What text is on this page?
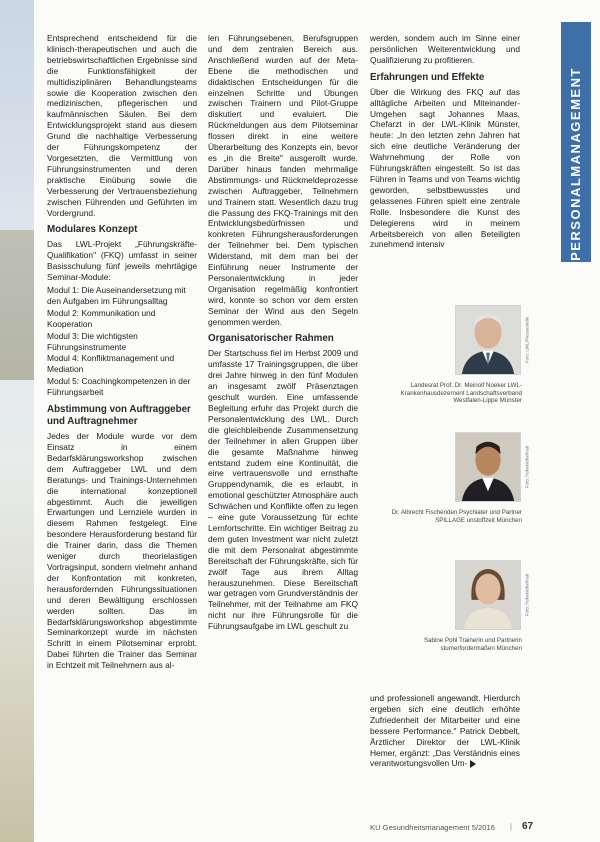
Entsprechend entscheidend für die klinisch-therapeutischen und auch die betriebswirtschaftlichen Ergebnisse sind die Funktionsfähigkeit der multidisziplinären Behandlungsteams sowie die Kooperation zwischen den medizinischen, pflegerischen und kaufmännischen Säulen. Bei dem Entwicklungsprojekt stand aus diesem Grund die nachhaltige Verbesserung der Führungskompetenz der Vorgesetzten, die Vermittlung von Führungsinstrumenten und deren praktische Einübung sowie die Verbesserung der Vertrauensbeziehung zwischen Führenden und Geführten im Vordergrund.

Modulares Konzept

Das LWL-Projekt „Führungskräfte-Qualifikation" (FKQ) umfasst in seiner Basisschulung fünf jeweils mehrtägige Seminar-Module:

Modul 1: Die Auseinandersetzung mit den Aufgaben im Führungsalltag
Modul 2: Kommunikation und Kooperation
Modul 3: Die wichtigsten Führungsinstrumente
Modul 4: Konfliktmanagement und Mediation
Modul 5: Coachingkompetenzen in der Führungsarbeit
Abstimmung von Auftraggeber und Auftragnehmer

Jedes der Module wurde vor dem Einsatz in einem Bedarfsklärungsworkshop zwischen dem Auftraggeber LWL und dem Beratungs- und Trainings-Unternehmen die international konzeptionell abgestimmt. Auch die jeweiligen Erwartungen und Lernziele wurden in diesem Rahmen festgelegt. Eine besondere Herausforderung bestand für die Trainer darin, dass die Themen weniger durch theorielastigen Vortragsinput, sondern vielmehr anhand der Konfrontation mit konkreten, herausfordernden Führungssituationen und deren Bewältigung erschlossen werden sollten. Das im Bedarfsklärungsworkshop abgestimmte Seminarkonzept wurde im nächsten Schritt in einem Pilotseminar erprobt. Dabei führten die Trainer das Seminar in Echtzeit mit Teilnehmern aus al-

len Führungsebenen, Berufsgruppen und dem zentralen Bereich aus. Anschließend wurden auf der Meta-Ebene die methodischen und didaktischen Entscheidungen für die einzelnen Schritte und Übungen zwischen Trainern und Pilot-Gruppe diskutiert und evaluiert. Die Rückmeldungen aus dem Pilotseminar flossen direkt in eine weitere Überarbeitung des Konzepts ein, bevor es „in die Breite" ausgerollt wurde. Darüber hinaus fanden mehrmalige Abstimmungs- und Rückmeldeprozesse zwischen Auftraggeber, Teilnehmern und Trainern statt. Wesentlich dazu trug die Passung des FKQ-Trainings mit den Entwicklungsbedürfnissen und konkreten Führungsherausforderungen der Teilnehmer bei. Dem typischen Widerstand, mit dem man bei der Einführung neuer Instrumente der Personalentwicklung in jeder Organisation regelmäßig konfrontiert wird, konnte so schon vor dem ersten Seminar der Wind aus den Segeln genommen werden.

Organisatorischer Rahmen

Der Startschuss fiel im Herbst 2009 und umfasste 17 Trainingsgruppen, die über drei Jahre hinweg in den fünf Modulen an insgesamt zwölf Präsenztagen geschult wurden. Eine umfassende Begleitung erfuhr das Projekt durch die Personalentwicklung des LWL. Durch die gleichbleibende Zusammensetzung der Teilnehmer in allen Gruppen über die gesamte Maßnahme hinweg entstand zudem eine Kontinuität, die eine vertrauensvolle und ernsthafte Gruppendynamik, die es erlaubt, in emotional geschützter Atmosphäre auch Schwächen und Konflikte offen zu legen – eine gute Voraussetzung für echte Lernfortschritte. Ein wichtiger Beitrag zu dem guten Investment war nicht zuletzt die mit dem Personalrat abgestimmte Bereitschaft der Führungskräfte, sich für zwölf Tage aus ihrem Alltag herauszunehmen. Diese Bereitschaft war getragen vom Grundverständnis der Teilnehmer, mit der Teilnahme am FKQ nicht nur ihre Führungsrolle für die Führungsaufgabe im LWL geschult zu

werden, sondern auch im Sinne einer persönlichen Weiterentwicklung und Qualifizierung zu profitieren.

Erfahrungen und Effekte

Über die Wirkung des FKQ auf das alltägliche Arbeiten und Miteinander-Umgehen sagt Johannes Maas, Chefarzt in der LWL-Klinik Münster, heute: „In den letzten zehn Jahren hat sich eine deutliche Veränderung der Wahrnehmung der Rolle von Führungskräften eingestellt. So ist das Führen in Teams und von Teams wichtig geworden, selbstbewusstes und gelassenes Führen spielt eine zentrale Rolle. Insbesondere die Kunst des Delegierens wird in meinem Arbeitsbereich von allen Beteiligten zunehmend intensiv

und professionell angewandt. Hierdurch ergeben sich eine deutlich erhöhte Zufriedenheit der Mitarbeiter und eine bessere Performance." Patrick Debbelt, Ärztlicher Direktor der LWL-Klinik Hemer, ergänzt: „Das Verständnis eines verantwortungsvollen Um-

Foto: LWL/Pressestelle
Landesrat Prof. Dr. Meinolf Noeker LWL-Krankenhausdezernent Landschaftsverband Westfalen-Lippe Münster
Foto: Hohenlohe/Karl
Dr. Albrecht Fischenden Psychiater und Partner SPILLAGE unstoffzeit München
Foto: Hohenlohe/Karl
Sabine Pohl Trainerin und Partnerin stumerfordermaßen München
PERSONALMANAGEMENT
KU Gesundheitsmanagement 5/2016 | 67
